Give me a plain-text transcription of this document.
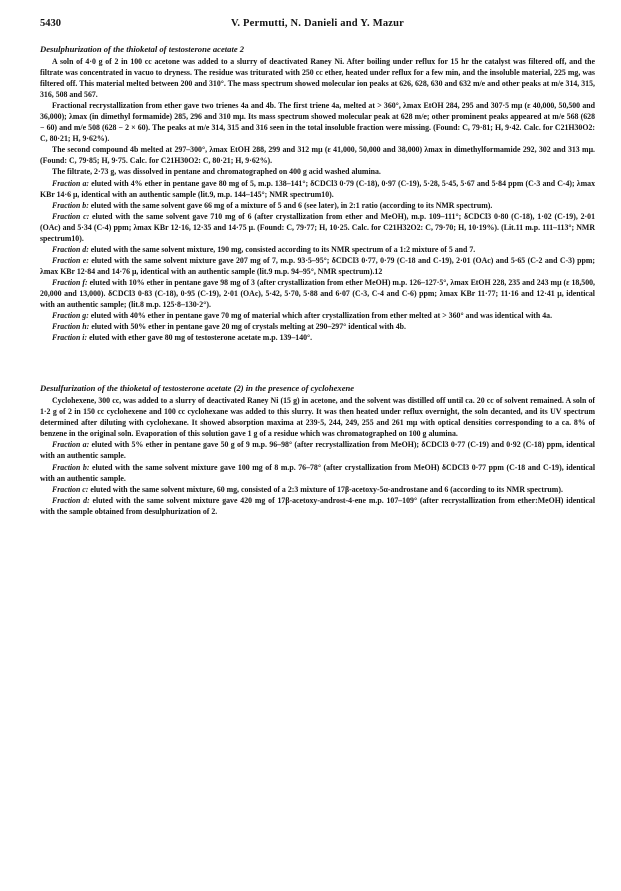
5430	V. Permutti, N. Danieli and Y. Mazur
Desulphurization of the thioketal of testosterone acetate 2

A soln of 4·0 g of 2 in 100 cc acetone was added to a slurry of deactivated Raney Ni. After boiling under reflux for 15 hr the catalyst was filtered off, and the filtrate was concentrated in vacuo to dryness. The residue was triturated with 250 cc ether, heated under reflux for a few min, and the insoluble material, 225 mg, was filtered off. This material melted between 200 and 310°. The mass spectrum showed molecular ion peaks at 626, 628, 630 and 632 m/e and other peaks at m/e 314, 315, 316, 508 and 567.

Fractional recrystallization from ether gave two trienes 4a and 4b. The first triene 4a, melted at > 360°, λmax EtOH 284, 295 and 307·5 mμ (ε 40,000, 50,500 and 36,000); λmax (in dimethyl formamide) 285, 296 and 310 mμ. Its mass spectrum showed molecular peak at 628 m/e; other prominent peaks appeared at m/e 568 (628 − 60) and m/e 508 (628 − 2 × 60). The peaks at m/e 314, 315 and 316 seen in the total insoluble fraction were missing. (Found: C, 79·81; H, 9·42. Calc. for C21H30O2: C, 80·21; H, 9·62%).

The second compound 4b melted at 297–300°, λmax EtOH 288, 299 and 312 mμ (ε 41,000, 50,000 and 38,000) λmax in dimethylformamide 292, 302 and 313 mμ. (Found: C, 79·85; H, 9·75. Calc. for C21H30O2: C, 80·21; H, 9·62%).

The filtrate, 2·73 g, was dissolved in pentane and chromatographed on 400 g acid washed alumina.

Fraction a: eluted with 4% ether in pentane gave 80 mg of 5, m.p. 138–141°; δCDCl3 0·79 (C-18), 0·97 (C-19), 5·28, 5·45, 5·67 and 5·84 ppm (C-3 and C-4); λmax KBr 14·6 μ, identical with an authentic sample (lit.9, m.p. 144–145°; NMR spectrum10).

Fraction b: eluted with the same solvent gave 66 mg of a mixture of 5 and 6 (see later), in 2:1 ratio (according to its NMR spectrum).

Fraction c: eluted with the same solvent gave 710 mg of 6 (after crystallization from ether and MeOH), m.p. 109–111°; δCDCl3 0·80 (C-18), 1·02 (C-19), 2·01 (OAc) and 5·34 (C-4) ppm; λmax KBr 12·16, 12·35 and 14·75 μ. (Found: C, 79·77; H, 10·25. Calc. for C21H32O2: C, 79·70; H, 10·19%). (Lit.11 m.p. 111–113°; NMR spectrum10).

Fraction d: eluted with the same solvent mixture, 190 mg, consisted according to its NMR spectrum of a 1:2 mixture of 5 and 7.

Fraction e: eluted with the same solvent mixture gave 207 mg of 7, m.p. 93·5–95°; δCDCl3 0·77, 0·79 (C-18 and C-19), 2·01 (OAc) and 5·65 (C-2 and C-3) ppm; λmax KBr 12·84 and 14·76 μ, identical with an authentic sample (lit.9 m.p. 94–95°, NMR spectrum).12

Fraction f: eluted with 10% ether in pentane gave 98 mg of 3 (after crystallization from ether MeOH) m.p. 126–127·5°, λmax EtOH 228, 235 and 243 mμ (ε 18,500, 20,000 and 13,000). δCDCl3 0·83 (C-18), 0·95 (C-19), 2·01 (OAc), 5·42, 5·70, 5·88 and 6·07 (C-3, C-4 and C-6) ppm; λmax KBr 11·77; 11·16 and 12·41 μ, identical with an authentic sample; (lit.8 m.p. 125·8–130·2°).

Fraction g: eluted with 40% ether in pentane gave 70 mg of material which after crystallization from ether melted at > 360° and was identical with 4a.

Fraction h: eluted with 50% ether in pentane gave 20 mg of crystals melting at 290–297° identical with 4b.

Fraction i: eluted with ether gave 80 mg of testosterone acetate m.p. 139–140°.

Desulfurization of the thioketal of testosterone acetate (2) in the presence of cyclohexene

Cyclohexene, 300 cc, was added to a slurry of deactivated Raney Ni (15 g) in acetone, and the solvent was distilled off until ca. 20 cc of solvent remained. A soln of 1·2 g of 2 in 150 cc cyclohexene and 100 cc cyclohexane was added to this slurry. It was then heated under reflux overnight, the soln decanted, and its UV spectrum determined after diluting with cyclohexane. It showed absorption maxima at 239·5, 244, 249, 255 and 261 mμ with optical densities corresponding to a ca. 8% of benzene in the original soln. Evaporation of this solution gave 1 g of a residue which was chromatographed on 100 g alumina.

Fraction a: eluted with 5% ether in pentane gave 50 g of 9 m.p. 96–98° (after recrystallization from MeOH); δCDCl3 0·77 (C-19) and 0·92 (C-18) ppm, identical with an authentic sample.

Fraction b: eluted with the same solvent mixture gave 100 mg of 8 m.p. 76–78° (after crystallization from MeOH) δCDCl3 0·77 ppm (C-18 and C-19), identical with an authentic sample.

Fraction c: eluted with the same solvent mixture, 60 mg, consisted of a 2:3 mixture of 17β-acetoxy-5α-androstane and 6 (according to its NMR spectrum).

Fraction d: eluted with the same solvent mixture gave 420 mg of 17β-acetoxy-androst-4-ene m.p. 107–109° (after recrystallization from ether:MeOH) identical with the sample obtained from desulphurization of 2.
